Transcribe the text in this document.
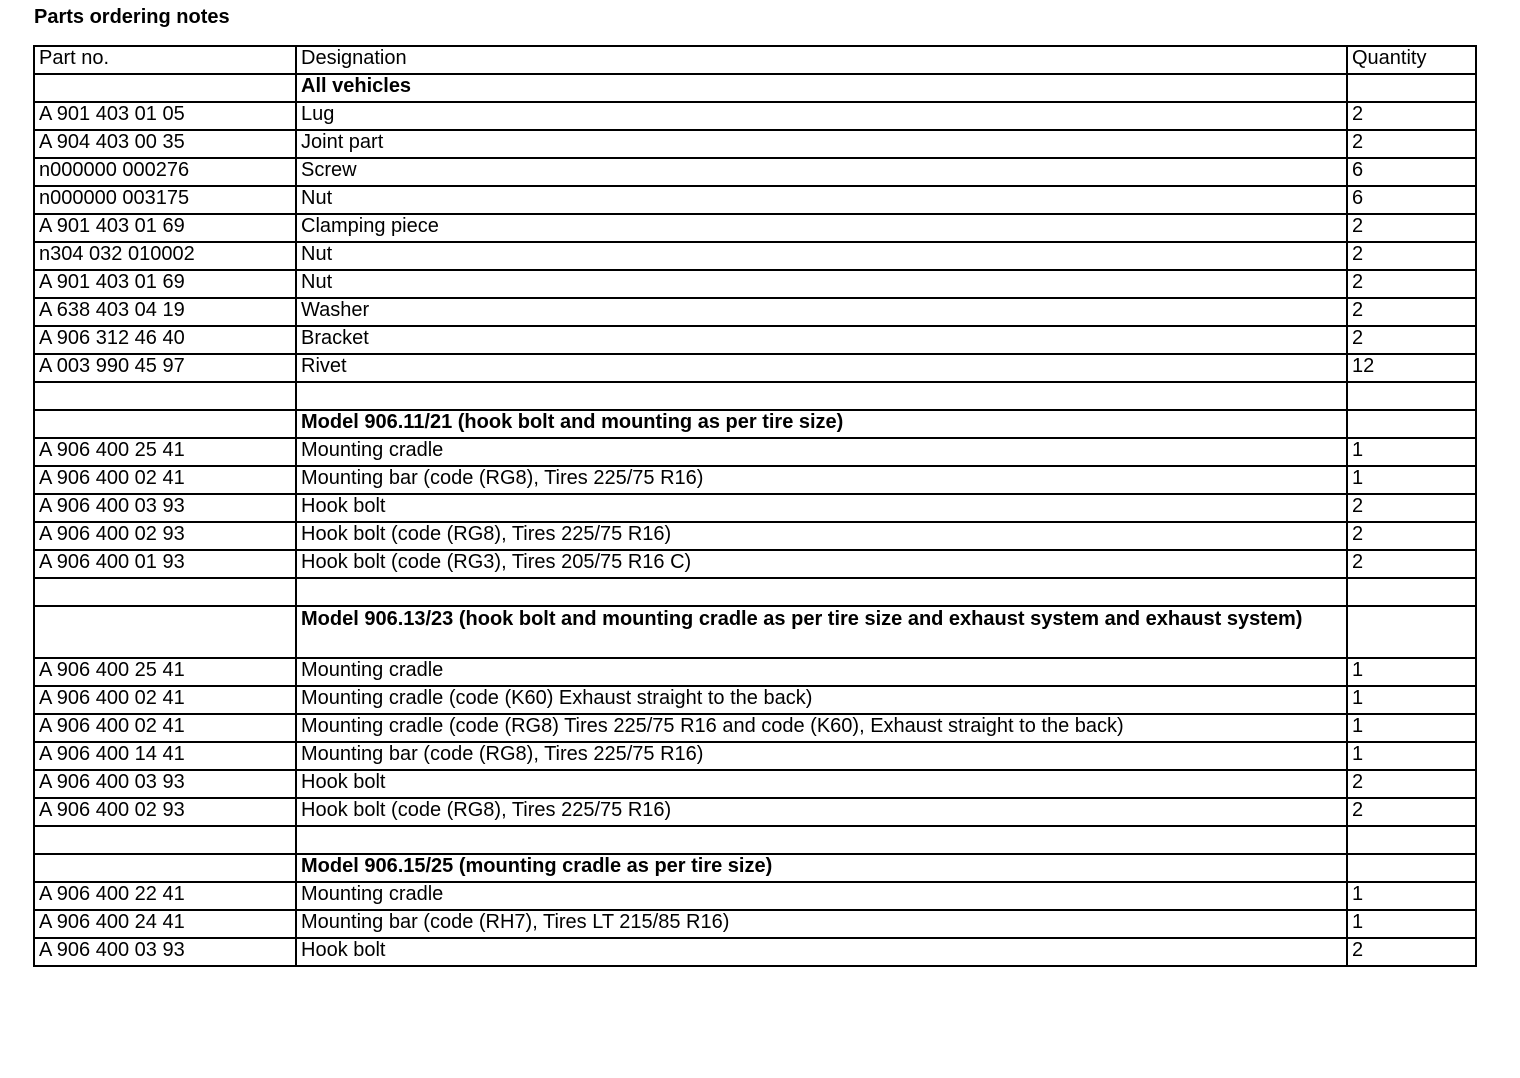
Parts ordering notes
Part no.	Designation	Quantity
	All vehicles	
A 901 403 01 05	Lug	2
A 904 403 00 35	Joint part	2
n000000 000276	Screw	6
n000000 003175	Nut	6
A 901 403 01 69	Clamping piece	2
n304 032 010002	Nut	2
A 901 403 01 69	Nut	2
A 638 403 04 19	Washer	2
A 906 312 46 40	Bracket	2
A 003 990 45 97	Rivet	12

	Model 906.11/21 (hook bolt and mounting as per tire size)	
A 906 400 25 41	Mounting cradle	1
A 906 400 02 41	Mounting bar (code (RG8), Tires 225/75 R16)	1
A 906 400 03 93	Hook bolt	2
A 906 400 02 93	Hook bolt (code (RG8), Tires 225/75 R16)	2
A 906 400 01 93	Hook bolt (code (RG3), Tires 205/75 R16 C)	2

	Model 906.13/23 (hook bolt and mounting cradle as per tire size and exhaust system and exhaust system)	
A 906 400 25 41	Mounting cradle	1
A 906 400 02 41	Mounting cradle (code (K60) Exhaust straight to the back)	1
A 906 400 02 41	Mounting cradle (code (RG8) Tires 225/75 R16 and code (K60), Exhaust straight to the back)	1
A 906 400 14 41	Mounting bar (code (RG8), Tires 225/75 R16)	1
A 906 400 03 93	Hook bolt	2
A 906 400 02 93	Hook bolt (code (RG8), Tires 225/75 R16)	2

	Model 906.15/25 (mounting cradle as per tire size)	
A 906 400 22 41	Mounting cradle	1
A 906 400 24 41	Mounting bar (code (RH7), Tires LT 215/85 R16)	1
A 906 400 03 93	Hook bolt	2
